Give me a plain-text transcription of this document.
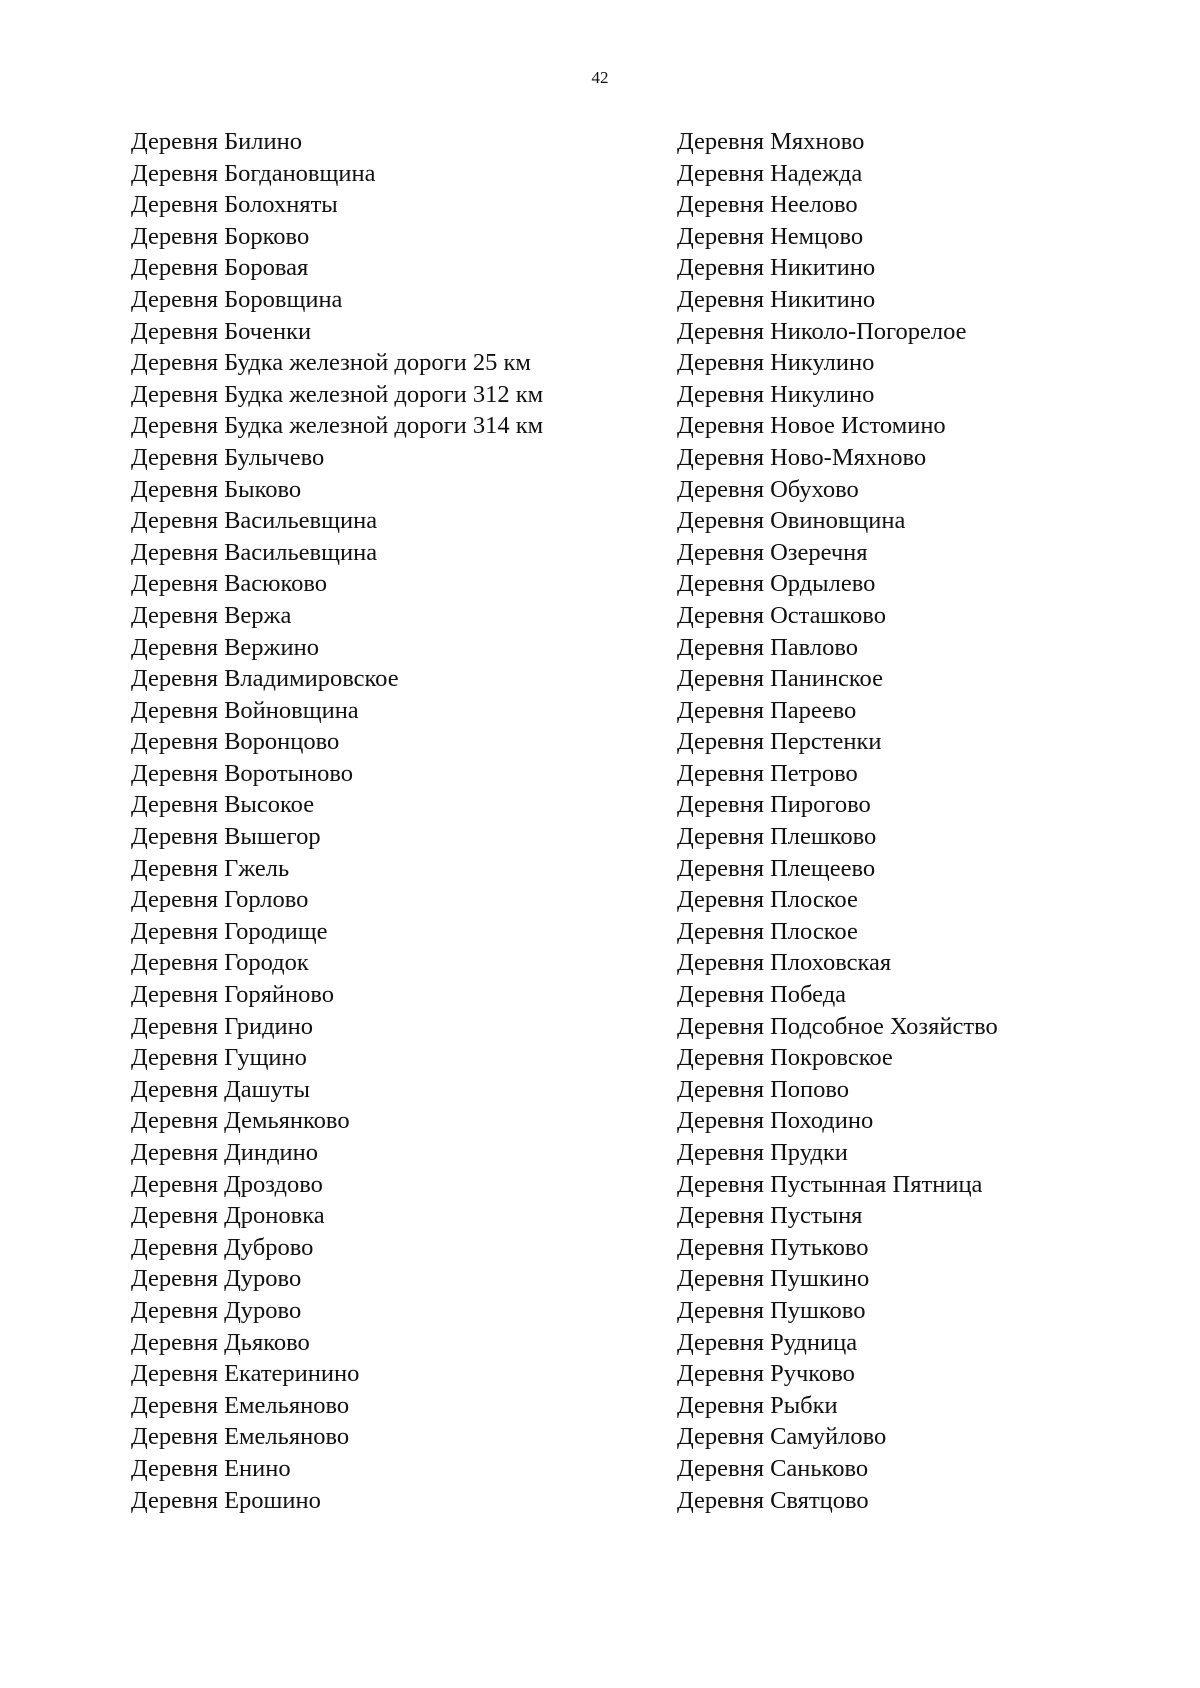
42
Деревня Билино
Деревня Богдановщина
Деревня Болохняты
Деревня Борково
Деревня Боровая
Деревня Боровщина
Деревня Боченки
Деревня Будка железной дороги 25 км
Деревня Будка железной дороги 312 км
Деревня Будка железной дороги 314 км
Деревня Булычево
Деревня Быково
Деревня Васильевщина
Деревня Васильевщина
Деревня Васюково
Деревня Вержа
Деревня Вержино
Деревня Владимировское
Деревня Войновщина
Деревня Воронцово
Деревня Воротыново
Деревня Высокое
Деревня Вышегор
Деревня Гжель
Деревня Горлово
Деревня Городище
Деревня Городок
Деревня Горяйново
Деревня Гридино
Деревня Гущино
Деревня Дашуты
Деревня Демьянково
Деревня Диндино
Деревня Дроздово
Деревня Дроновка
Деревня Дуброво
Деревня Дурово
Деревня Дурово
Деревня Дьяково
Деревня Екатеринино
Деревня Емельяново
Деревня Емельяново
Деревня Енино
Деревня Ерошино
Деревня Мяхново
Деревня Надежда
Деревня Неелово
Деревня Немцово
Деревня Никитино
Деревня Никитино
Деревня Николо-Погорелое
Деревня Никулино
Деревня Никулино
Деревня Новое Истомино
Деревня Ново-Мяхново
Деревня Обухово
Деревня Овиновщина
Деревня Озеречня
Деревня Ордылево
Деревня Осташково
Деревня Павлово
Деревня Панинское
Деревня Пареево
Деревня Перстенки
Деревня Петрово
Деревня Пирогово
Деревня Плешково
Деревня Плещеево
Деревня Плоское
Деревня Плоское
Деревня Плоховская
Деревня Победа
Деревня Подсобное Хозяйство
Деревня Покровское
Деревня Попово
Деревня Походино
Деревня Прудки
Деревня Пустынная Пятница
Деревня Пустыня
Деревня Путьково
Деревня Пушкино
Деревня Пушково
Деревня Рудница
Деревня Ручково
Деревня Рыбки
Деревня Самуйлово
Деревня Саньково
Деревня Святцово
